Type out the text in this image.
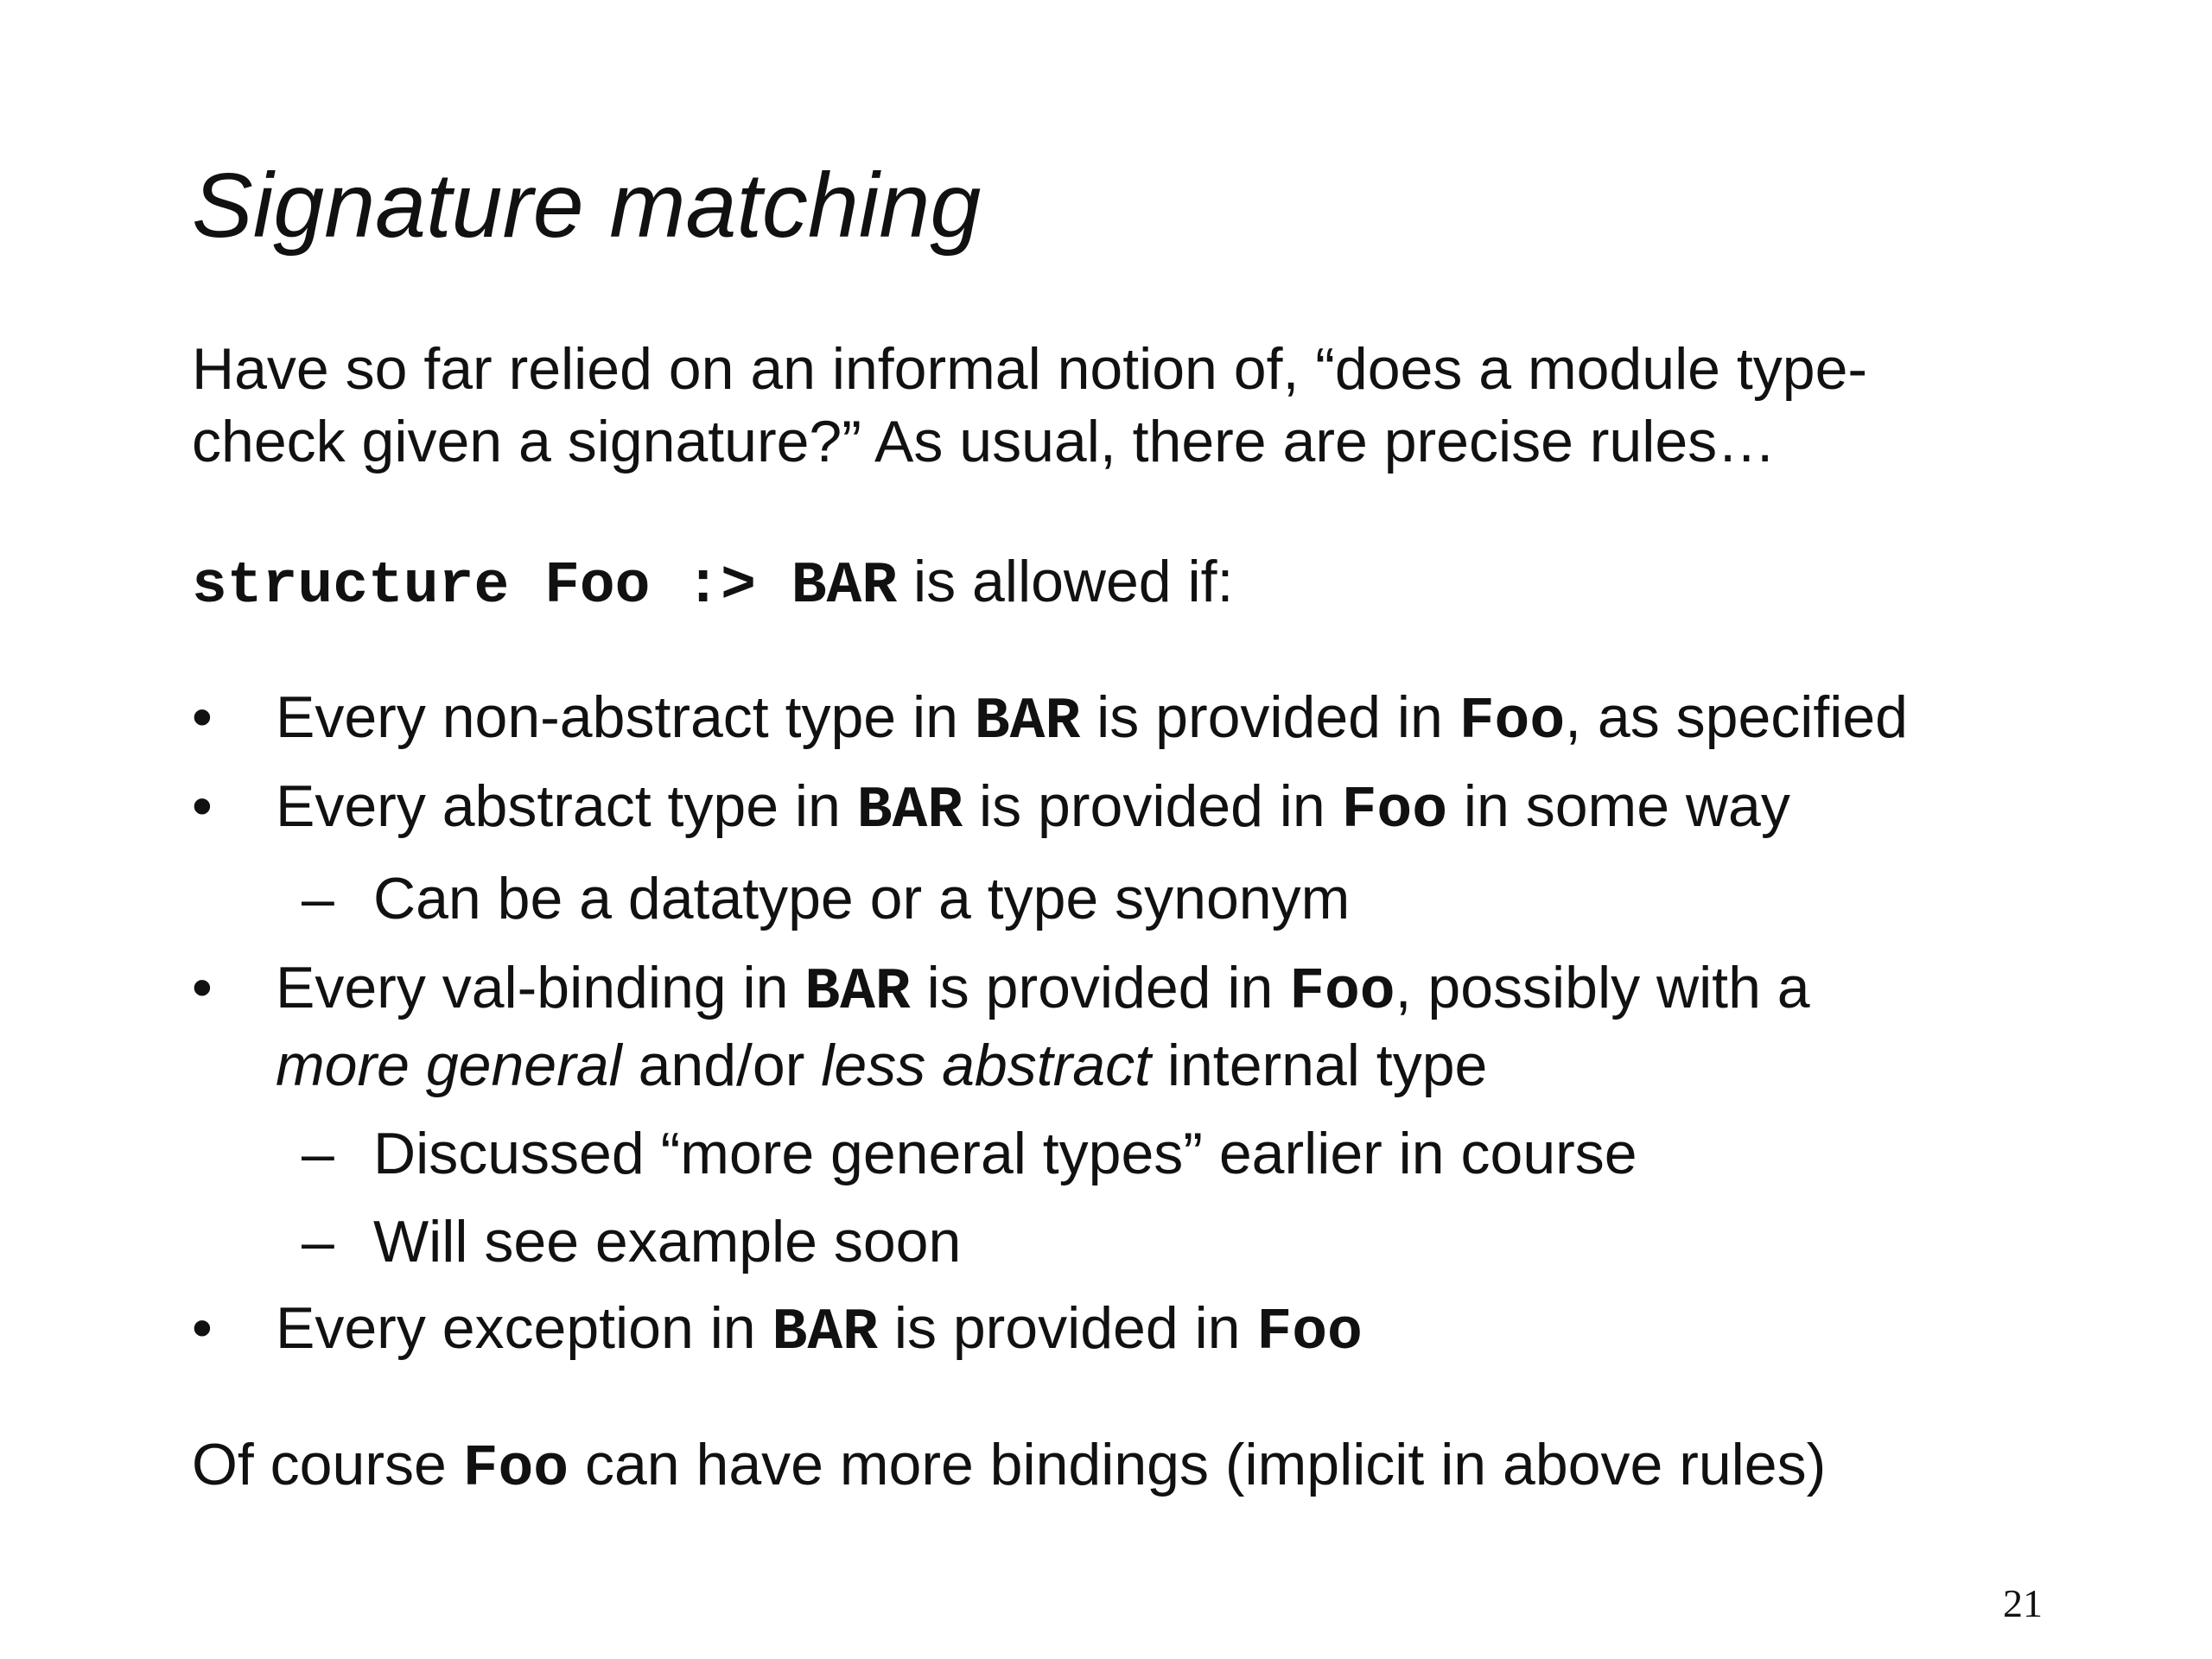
Signature matching
Have so far relied on an informal notion of, “does a module type-
check given a signature?” As usual, there are precise rules…
structure Foo :> BAR is allowed if:
• Every non-abstract type in BAR is provided in Foo, as specified
• Every abstract type in BAR is provided in Foo in some way
– Can be a datatype or a type synonym
• Every val-binding in BAR is provided in Foo, possibly with a
more general and/or less abstract internal type
– Discussed “more general types” earlier in course
– Will see example soon
• Every exception in BAR is provided in Foo
Of course Foo can have more bindings (implicit in above rules)
21
